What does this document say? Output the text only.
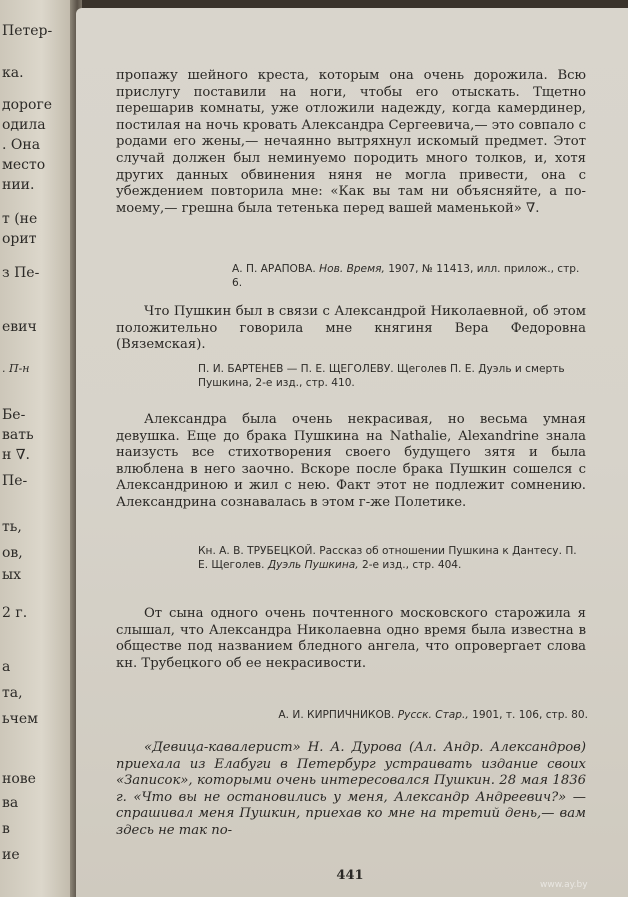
Петер-
ка.
дороге
одила
. Она
место
нии.
т (не
орит
з Пе-
евич
. П-н
Бе-
вать
н ∇.
Пе-
ть,
ов,
ых
2 г.
а
та,
ьчем
нове
ва
в
ие
пропажу шейного креста, которым она очень дорожила. Всю прислугу поставили на ноги, чтобы его отыскать. Тщетно перешарив комнаты, уже отложили надежду, когда камердинер, постилая на ночь кровать Александра Сергеевича,— это совпало с родами его жены,— нечаянно вытряхнул искомый предмет. Этот случай должен был неминуемо породить много толков, и, хотя других данных обвинения няня не могла привести, она с убеждением повторила мне: «Как вы там ни объясняйте, а по-моему,— грешна была тетенька перед вашей маменькой» ∇.
А. П. АРАПОВА. Нов. Время, 1907, № 11413, илл. прилож., стр. 6.
Что Пушкин был в связи с Александрой Николаевной, об этом положительно говорила мне княгиня Вера Федоровна (Вяземская).
П. И. БАРТЕНЕВ — П. Е. ЩЕГОЛЕВУ. Щеголев П. Е. Дуэль и смерть Пушкина, 2-е изд., стр. 410.
Александра была очень некрасивая, но весьма умная девушка. Еще до брака Пушкина на Nathalie, Alexandrine знала наизусть все стихотворения своего будущего зятя и была влюблена в него заочно. Вскоре после брака Пушкин сошелся с Александриною и жил с нею. Факт этот не подлежит сомнению. Александрина сознавалась в этом г-же Полетике.
Кн. А. В. ТРУБЕЦКОЙ. Рассказ об отношении Пушкина к Дантесу. П. Е. Щеголев. Дуэль Пушкина, 2-е изд., стр. 404.
От сына одного очень почтенного московского старожила я слышал, что Александра Николаевна одно время была известна в обществе под названием бледного ангела, что опровергает слова кн. Трубецкого об ее некрасивости.
А. И. КИРПИЧНИКОВ. Русск. Стар., 1901, т. 106, стр. 80.
«Девица-кавалерист» Н. А. Дурова (Ал. Андр. Александров) приехала из Елабуги в Петербург устраивать издание своих «Записок», которыми очень интересовался Пушкин. 28 мая 1836 г. «Что вы не остановились у меня, Александр Андреевич?» — спрашивал меня Пушкин, приехав ко мне на третий день,— вам здесь не так по-
441
www.ay.by
